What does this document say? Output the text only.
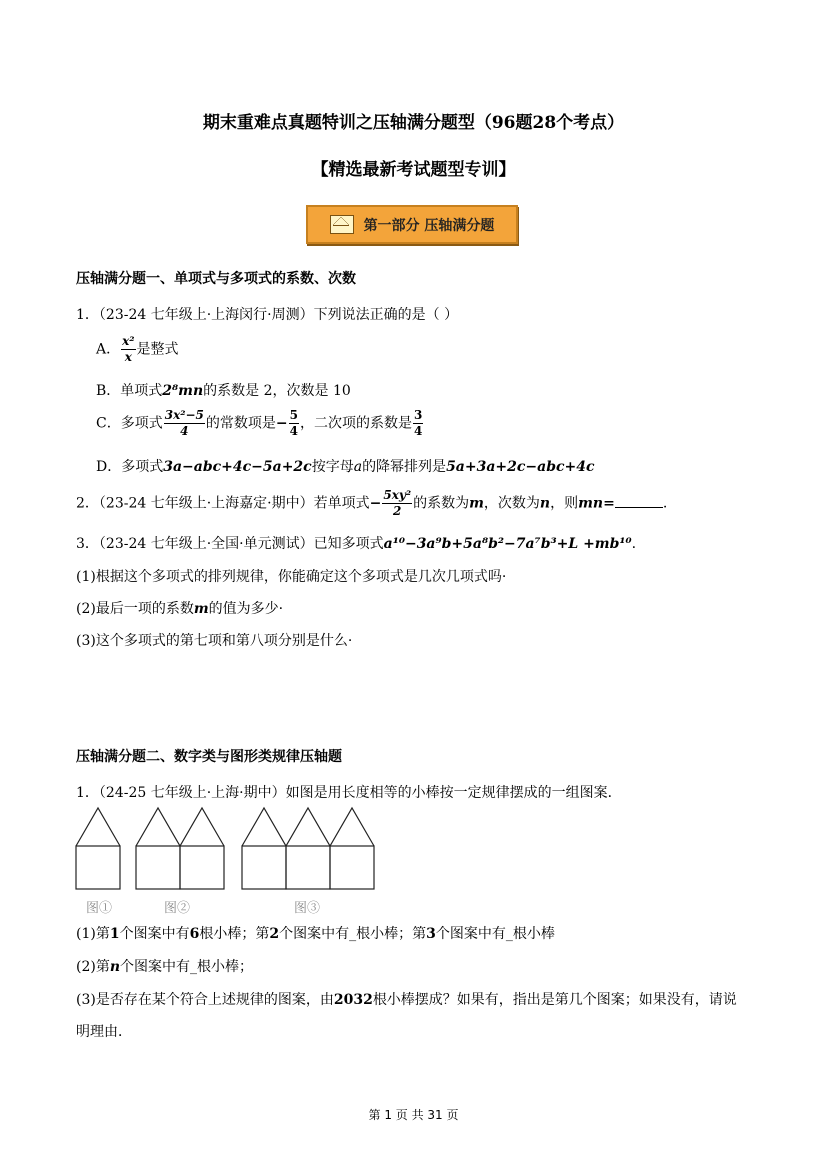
期末重难点真题特训之压轴满分题型（96题28个考点）
【精选最新考试题型专训】
第一部分 压轴满分题
压轴满分题一、单项式与多项式的系数、次数
1．（23-24 七年级上·上海闵行·周测）下列说法正确的是（ ）
A． $\frac{\text{x²}}{x}$ 是整式
B．单项式2⁸mn的系数是 2，次数是 10
C．多项式 $\frac{\text{3x²−5}}{4}$ 的常数项是− $\frac{5}{4}$ ，二次项的系数是 $\frac{3}{4}$
D．多项式3a−abc+4c−5a+2c按字母a的降幂排列是5a+3a+2c−abc+4c
2．（23-24 七年级上·上海嘉定·期中）若单项式− $\frac{\text{5xy²}}{2}$ 的系数为m，次数为n，则mn=	.
3．（23-24 七年级上·全国·单元测试）已知多项式a¹⁰−3a⁹b+5a⁸b²−7a⁷b³+L +mb¹⁰.
(1)根据这个多项式的排列规律，你能确定这个多项式是几次几项式吗·
(2)最后一项的系数m的值为多少·
(3)这个多项式的第七项和第八项分别是什么·
压轴满分题二、数字类与图形类规律压轴题
1．（24-25 七年级上·上海·期中）如图是用长度相等的小棒按一定规律摆成的一组图案．
图①	图②	图③
(1)第1个图案中有6根小棒；第2个图案中有_根小棒；第3个图案中有_根小棒
(2)第n个图案中有_根小棒；
(3)是否存在某个符合上述规律的图案，由2032根小棒摆成？如果有，指出是第几个图案；如果没有，请说
明理由．
第 1 页 共 31 页
